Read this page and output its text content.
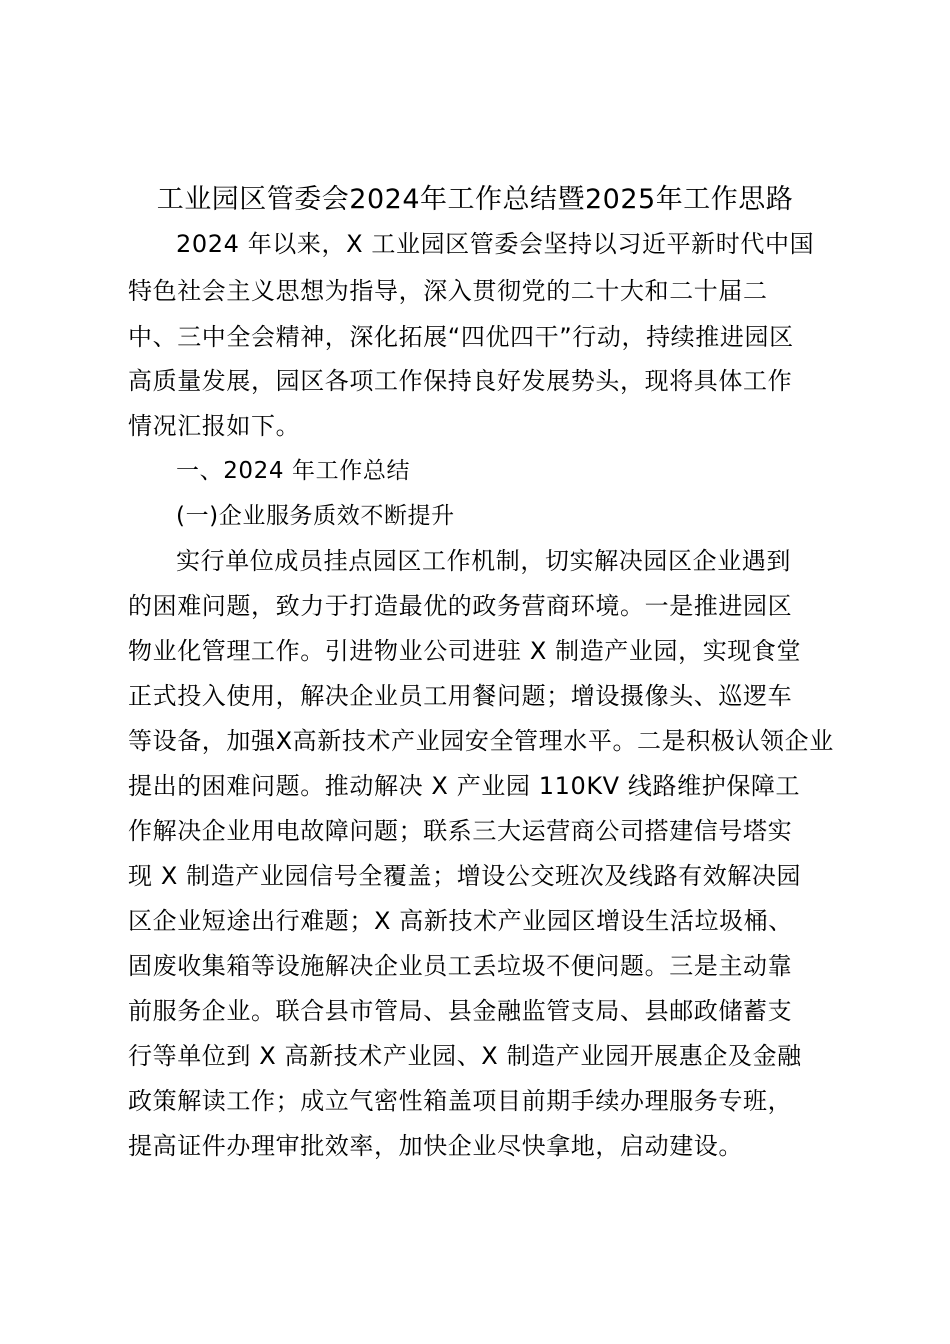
工业园区管委会2024年工作总结暨2025年工作思路
2024 年以来，X 工业园区管委会坚持以习近平新时代中国
特色社会主义思想为指导，深入贯彻党的二十大和二十届二
中、三中全会精神，深化拓展“四优四干”行动，持续推进园区
高质量发展，园区各项工作保持良好发展势头，现将具体工作
情况汇报如下。
一、2024 年工作总结
(一)企业服务质效不断提升
实行单位成员挂点园区工作机制，切实解决园区企业遇到
的困难问题，致力于打造最优的政务营商环境。一是推进园区
物业化管理工作。引进物业公司进驻 X 制造产业园，实现食堂
正式投入使用，解决企业员工用餐问题；增设摄像头、巡逻车
等设备，加强X高新技术产业园安全管理水平。二是积极认领企业
提出的困难问题。推动解决 X 产业园 110KV 线路维护保障工
作解决企业用电故障问题；联系三大运营商公司搭建信号塔实
现 X 制造产业园信号全覆盖；增设公交班次及线路有效解决园
区企业短途出行难题；X 高新技术产业园区增设生活垃圾桶、
固废收集箱等设施解决企业员工丢垃圾不便问题。三是主动靠
前服务企业。联合县市管局、县金融监管支局、县邮政储蓄支
行等单位到 X 高新技术产业园、X 制造产业园开展惠企及金融
政策解读工作；成立气密性箱盖项目前期手续办理服务专班，
提高证件办理审批效率，加快企业尽快拿地，启动建设。
